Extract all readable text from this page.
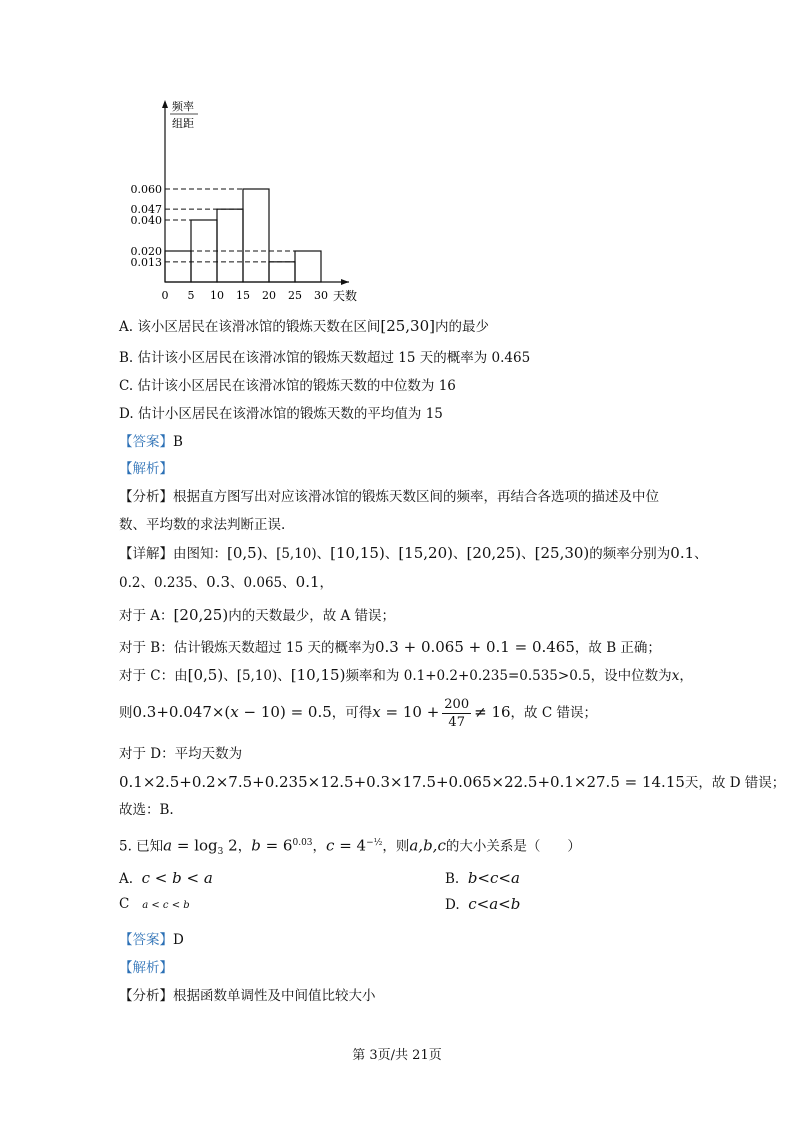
频率
组距
0.060
0.047
0.040
0.020
0.013
0 5 10 15 20 25 30 天数
A. 该小区居民在该滑冰馆的锻炼天数在区间[25,30]内的最少
B. 估计该小区居民在该滑冰馆的锻炼天数超过 15 天的概率为 0.465
C. 估计该小区居民在该滑冰馆的锻炼天数的中位数为 16
D. 估计小区居民在该滑冰馆的锻炼天数的平均值为 15
【答案】B
【解析】
【分析】根据直方图写出对应该滑冰馆的锻炼天数区间的频率，再结合各选项的描述及中位
数、平均数的求法判断正误.
【详解】由图知：[0,5)、[5,10)、[10,15)、[15,20)、[20,25)、[25,30)的频率分别为0.1、
0.2、0.235、0.3、0.065、0.1，
对于 A：[20,25)内的天数最少，故 A 错误；
对于 B：估计锻炼天数超过 15 天的概率为0.3 + 0.065 + 0.1 = 0.465，故 B 正确；
对于 C：由[0,5)、[5,10)、[10,15)频率和为 0.1+0.2+0.235=0.535>0.5，设中位数为x，
则0.3+0.047×(x − 10) = 0.5，可得$x = 10 + \frac{200}{47} \ne 16$，故 C 错误；
对于 D：平均天数为
0.1×2.5+0.2×7.5+0.235×12.5+0.3×17.5+0.065×22.5+0.1×27.5 = 14.15天，故 D 错误；
故选：B.
5. 已知$a = \log_3 2$，$b = 6^{0.03}$，$c = 4^{-\frac{1}{2}}$，则a,b,c的大小关系是（　　）
A. c < b < a	B. b<c<a
C a < c < b	D. c<a<b
【答案】D
【解析】
【分析】根据函数单调性及中间值比较大小
第 3页/共 21页
